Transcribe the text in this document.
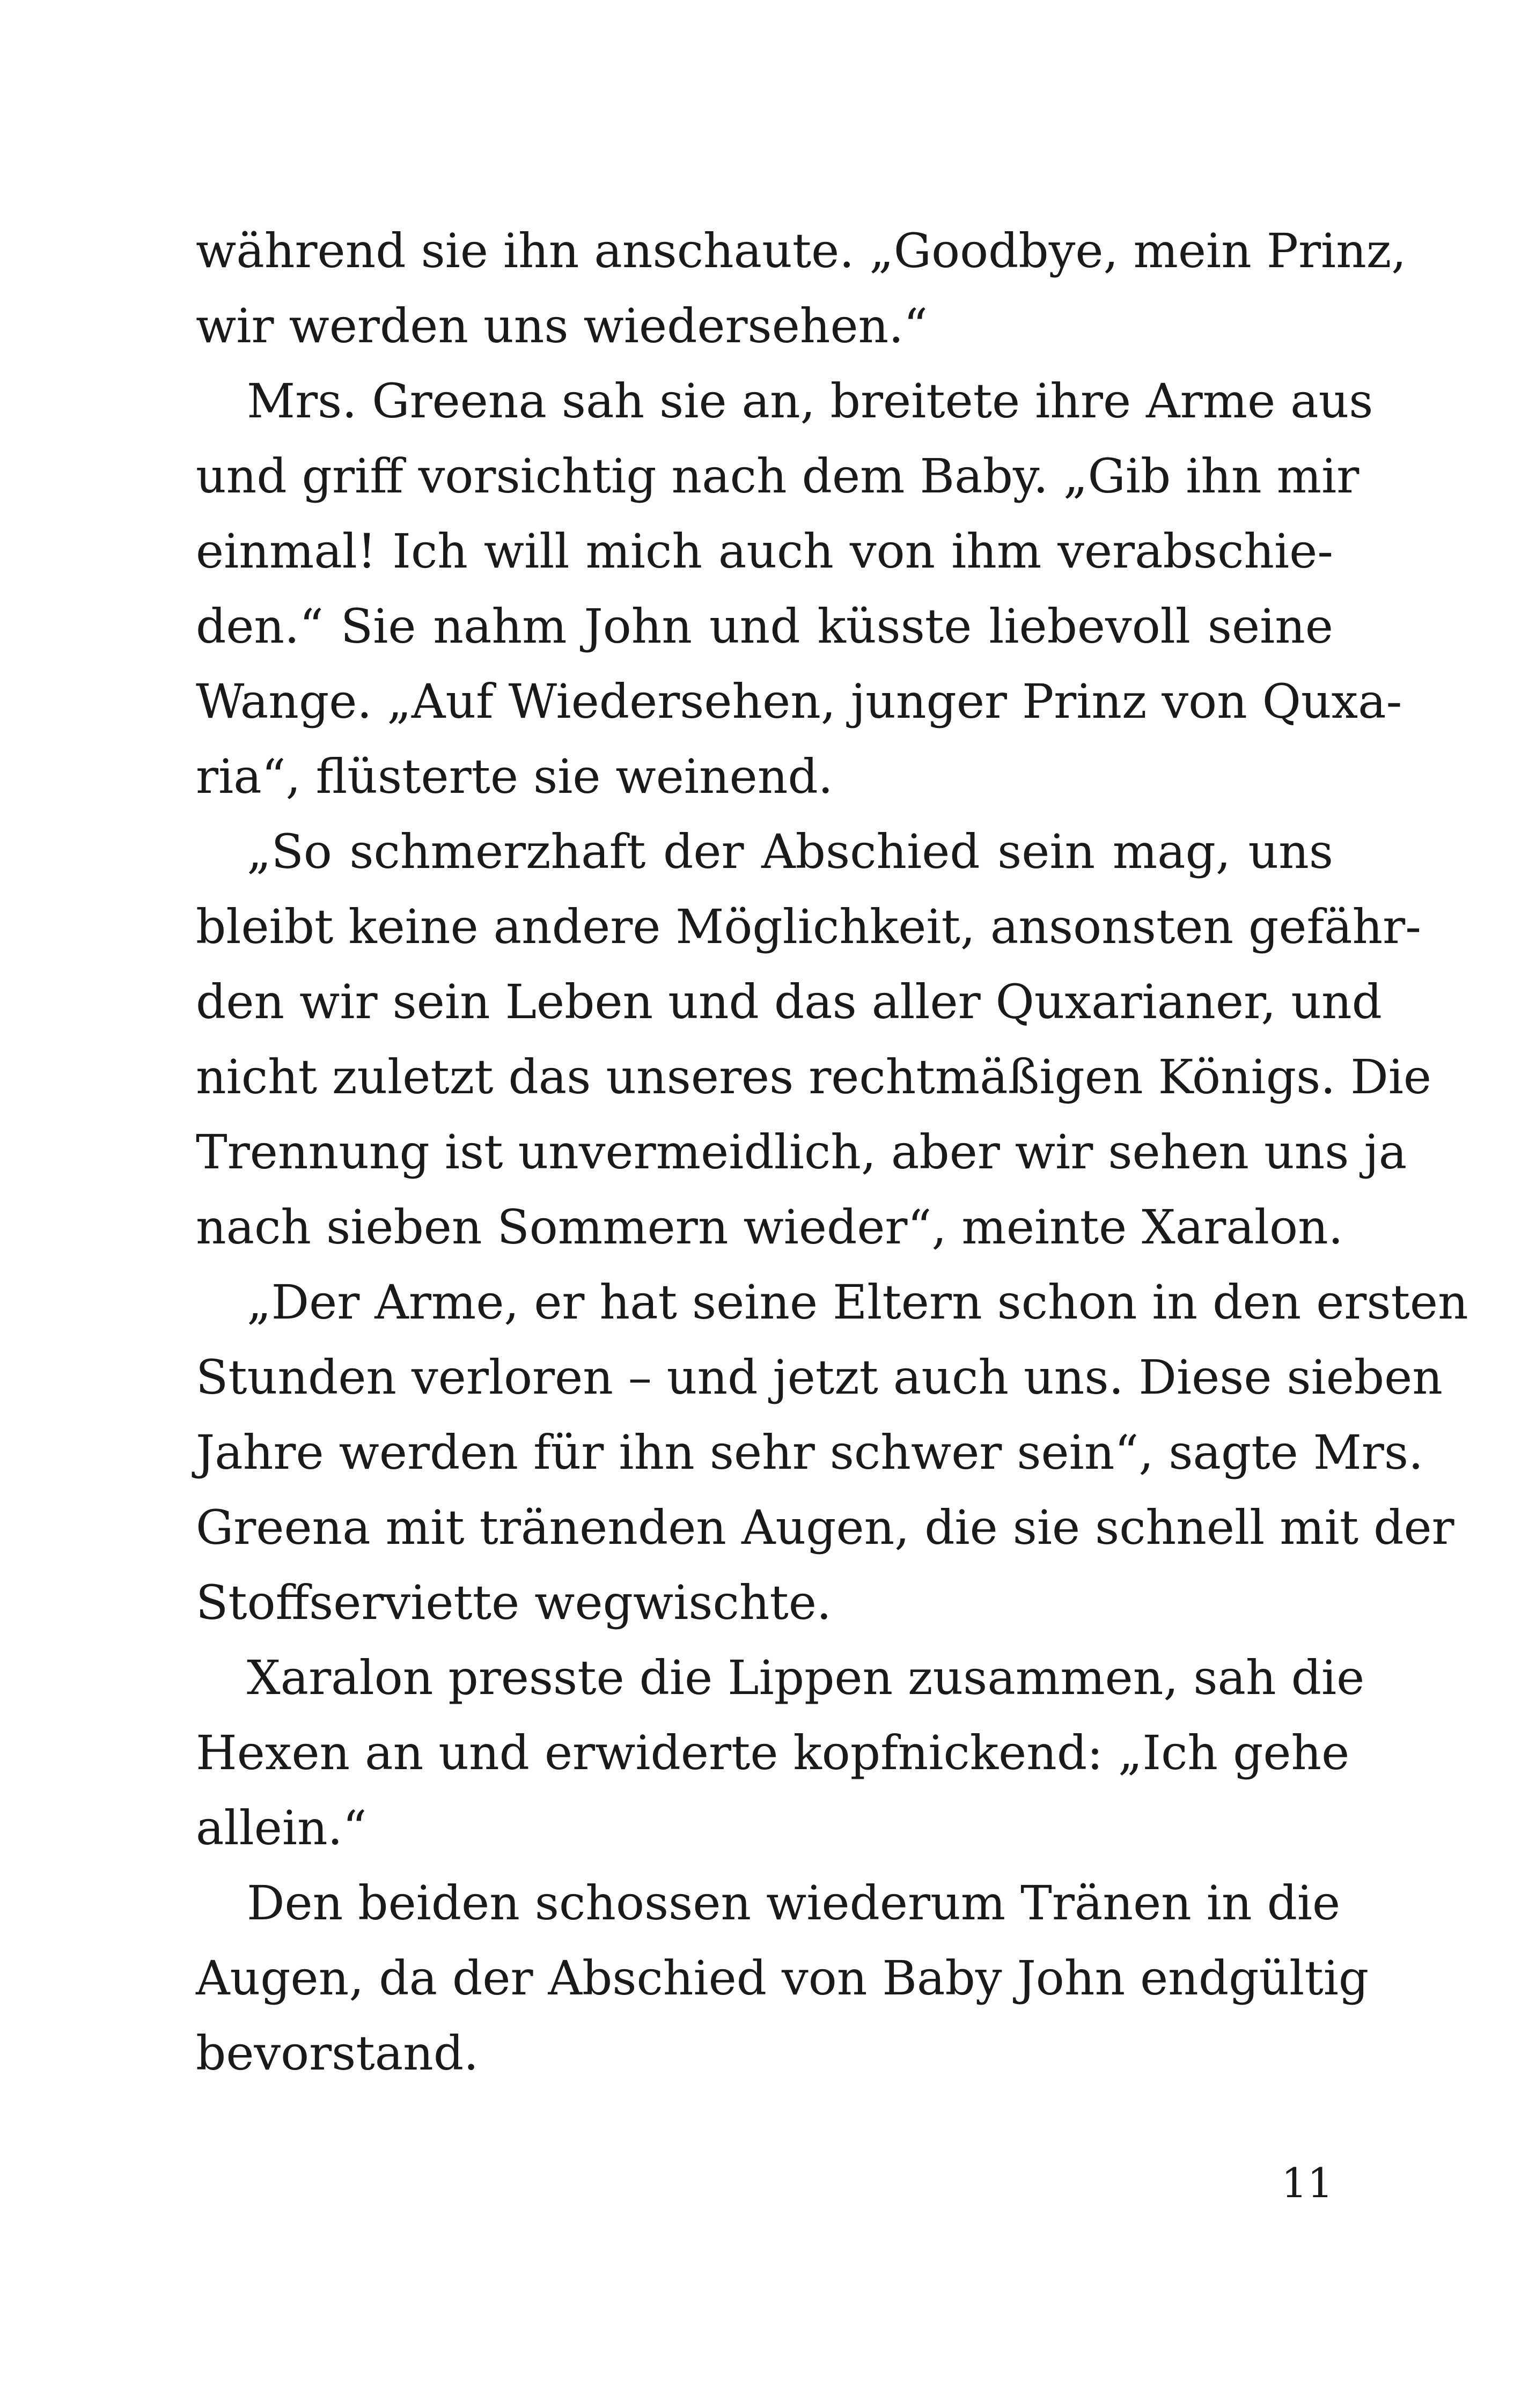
während sie ihn anschaute. „Goodbye, mein Prinz,
wir werden uns wiedersehen.“
Mrs. Greena sah sie an, breitete ihre Arme aus
und griff vorsichtig nach dem Baby. „Gib ihn mir
einmal! Ich will mich auch von ihm verabschie-
den.“ Sie nahm John und küsste liebevoll seine
Wange. „Auf Wiedersehen, junger Prinz von Quxa-
ria“, flüsterte sie weinend.
„So schmerzhaft der Abschied sein mag, uns
bleibt keine andere Möglichkeit, ansonsten gefähr-
den wir sein Leben und das aller Quxarianer, und
nicht zuletzt das unseres rechtmäßigen Königs. Die
Trennung ist unvermeidlich, aber wir sehen uns ja
nach sieben Sommern wieder“, meinte Xaralon.
„Der Arme, er hat seine Eltern schon in den ersten
Stunden verloren – und jetzt auch uns. Diese sieben
Jahre werden für ihn sehr schwer sein“, sagte Mrs.
Greena mit tränenden Augen, die sie schnell mit der
Stoffserviette wegwischte.
Xaralon presste die Lippen zusammen, sah die
Hexen an und erwiderte kopfnickend: „Ich gehe
allein.“
Den beiden schossen wiederum Tränen in die
Augen, da der Abschied von Baby John endgültig
bevorstand.
11
